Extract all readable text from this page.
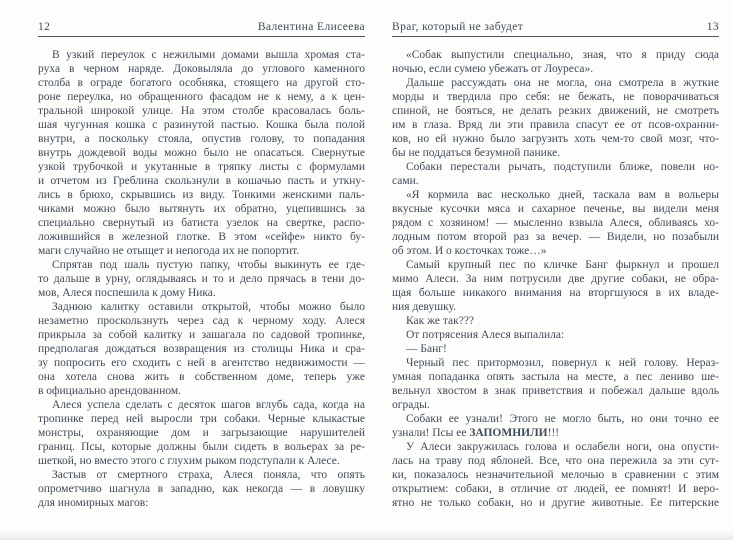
12	Валентина Елисеева
В узкий переулок с нежилыми домами вышла хромая ста-
руха в черном наряде. Доковыляла до углового каменного
столба в ограде богатого особняка, стоящего на другой сто-
роне переулка, но обращенного фасадом не к нему, а к цен-
тральной широкой улице. На этом столбе красовалась боль-
шая чугунная кошка с разинутой пастью. Кошка была полой
внутри, а поскольку стояла, опустив голову, то попадания
внутрь дождевой воды можно было не опасаться. Свернутые
узкой трубочкой и укутанные в тряпку листы с формулами
и отчетом из Греблина скользнули в кошачью пасть и уткну-
лись в брюхо, скрывшись из виду. Тонкими женскими паль-
чиками можно было вытянуть их обратно, уцепившись за
специально свернутый из батиста узелок на свертке, распо-
ложившийся в железной глотке. В этом «сейфе» никто бу-
маги случайно не отыщет и непогода их не попортит.
Спрятав под шаль пустую папку, чтобы выкинуть ее где-
то дальше в урну, оглядываясь и то и дело прячась в тени до-
мов, Алеся поспешила к дому Ника.
Заднюю калитку оставили открытой, чтобы можно было
незаметно проскользнуть через сад к черному ходу. Алеся
прикрыла за собой калитку и зашагала по садовой тропинке,
предполагая дождаться возвращения из столицы Ника и сра-
зу попросить его сходить с ней в агентство недвижимости —
она хотела снова жить в собственном доме, теперь уже
в официально арендованном.
Алеся успела сделать с десяток шагов вглубь сада, когда на
тропинке перед ней выросли три собаки. Черные клыкастые
монстры, охраняющие дом и загрызающие нарушителей
границ. Псы, которые должны были сидеть в вольерах за ре-
шеткой, но вместо этого с глухим рыком подступали к Алесе.
Застыв от смертного страха, Алеся поняла, что опять
опрометчиво шагнула в западню, как некогда — в ловушку
для иномирных магов:
Враг, который не забудет	13
«Собак выпустили специально, зная, что я приду сюда
ночью, если сумею убежать от Лоуреса».
Дальше рассуждать она не могла, она смотрела в жуткие
морды и твердила про себя: не бежать, не поворачиваться
спиной, не бояться, не делать резких движений, не смотреть
им в глаза. Вряд ли эти правила спасут ее от псов-охранни-
ков, но ей нужно было загрузить хоть чем-то свой мозг, что-
бы не поддаться безумной панике.
Собаки перестали рычать, подступили ближе, повели но-
сами.
«Я кормила вас несколько дней, таскала вам в вольеры
вкусные кусочки мяса и сахарное печенье, вы видели меня
рядом с хозяином! — мысленно взвыла Алеся, обливаясь хо-
лодным потом второй раз за вечер. — Видели, но позабыли
об этом. И о косточках тоже…»
Самый крупный пес по кличке Банг фыркнул и прошел
мимо Алеси. За ним потрусили две другие собаки, не обра-
щая больше никакого внимания на вторгшуюся в их владе-
ния девушку.
Как же так???
От потрясения Алеся выпалила:
— Банг!
Черный пес притормозил, повернул к ней голову. Нераз-
умная попаданка опять застыла на месте, а пес лениво ше-
вельнул хвостом в знак приветствия и побежал дальше вдоль
ограды.
Собаки ее узнали! Этого не могло быть, но они точно ее
узнали! Псы ее ЗАПОМНИЛИ!!!
У Алеси закружилась голова и ослабели ноги, она опусти-
лась на траву под яблоней. Все, что она пережила за эти сут-
ки, показалось незначительной мелочью в сравнении с этим
открытием: собаки, в отличие от людей, ее помнят! И веро-
ятно не только собаки, но и другие животные. Ее питерские
